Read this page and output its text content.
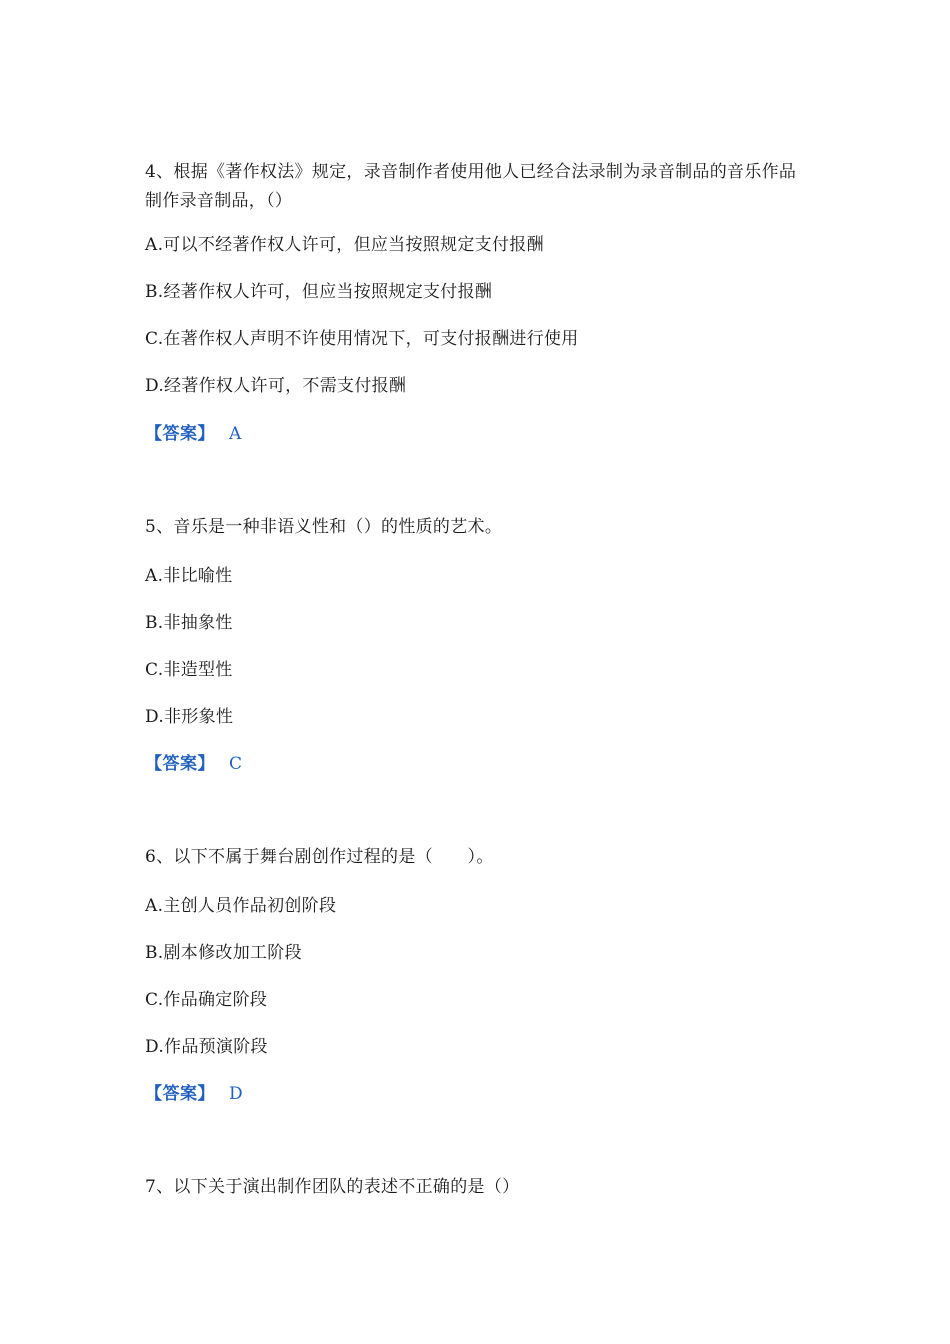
4、根据《著作权法》规定，录音制作者使用他人已经合法录制为录音制品的音乐作品制作录音制品，（）

A.可以不经著作权人许可，但应当按照规定支付报酬

B.经著作权人许可，但应当按照规定支付报酬

C.在著作权人声明不许使用情况下，可支付报酬进行使用

D.经著作权人许可，不需支付报酬

【答案】 A

5、音乐是一种非语义性和（）的性质的艺术。

A.非比喻性

B.非抽象性

C.非造型性

D.非形象性

【答案】 C

6、以下不属于舞台剧创作过程的是（　　）。

A.主创人员作品初创阶段

B.剧本修改加工阶段

C.作品确定阶段

D.作品预演阶段

【答案】 D

7、以下关于演出制作团队的表述不正确的是（）
